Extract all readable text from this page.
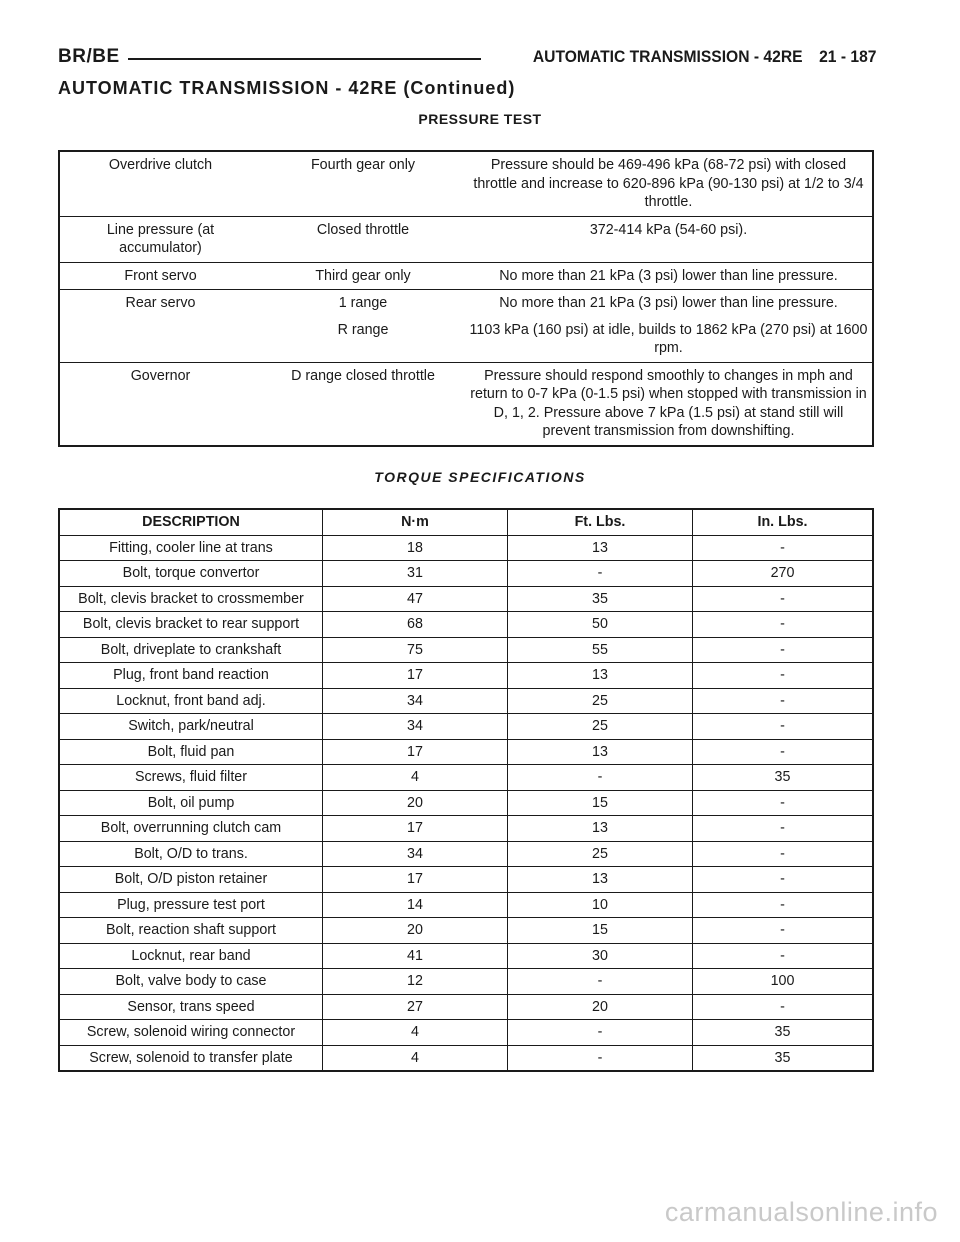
BR/BE	AUTOMATIC TRANSMISSION - 42RE 21 - 187
AUTOMATIC TRANSMISSION - 42RE (Continued)
PRESSURE TEST
Overdrive clutch	Fourth gear only	Pressure should be 469-496 kPa (68-72 psi) with closed throttle and increase to 620-896 kPa (90-130 psi) at 1/2 to 3/4 throttle.
Line pressure (at accumulator)	Closed throttle	372-414 kPa (54-60 psi).
Front servo	Third gear only	No more than 21 kPa (3 psi) lower than line pressure.
Rear servo	1 range	No more than 21 kPa (3 psi) lower than line pressure.
	R range	1103 kPa (160 psi) at idle, builds to 1862 kPa (270 psi) at 1600 rpm.
Governor	D range closed throttle	Pressure should respond smoothly to changes in mph and return to 0-7 kPa (0-1.5 psi) when stopped with transmission in D, 1, 2. Pressure above 7 kPa (1.5 psi) at stand still will prevent transmission from downshifting.
TORQUE SPECIFICATIONS
DESCRIPTION	N·m	Ft. Lbs.	In. Lbs.
Fitting, cooler line at trans	18	13	-
Bolt, torque convertor	31	-	270
Bolt, clevis bracket to crossmember	47	35	-
Bolt, clevis bracket to rear support	68	50	-
Bolt, driveplate to crankshaft	75	55	-
Plug, front band reaction	17	13	-
Locknut, front band adj.	34	25	-
Switch, park/neutral	34	25	-
Bolt, fluid pan	17	13	-
Screws, fluid filter	4	-	35
Bolt, oil pump	20	15	-
Bolt, overrunning clutch cam	17	13	-
Bolt, O/D to trans.	34	25	-
Bolt, O/D piston retainer	17	13	-
Plug, pressure test port	14	10	-
Bolt, reaction shaft support	20	15	-
Locknut, rear band	41	30	-
Bolt, valve body to case	12	-	100
Sensor, trans speed	27	20	-
Screw, solenoid wiring connector	4	-	35
Screw, solenoid to transfer plate	4	-	35
carmanualsonline.info
